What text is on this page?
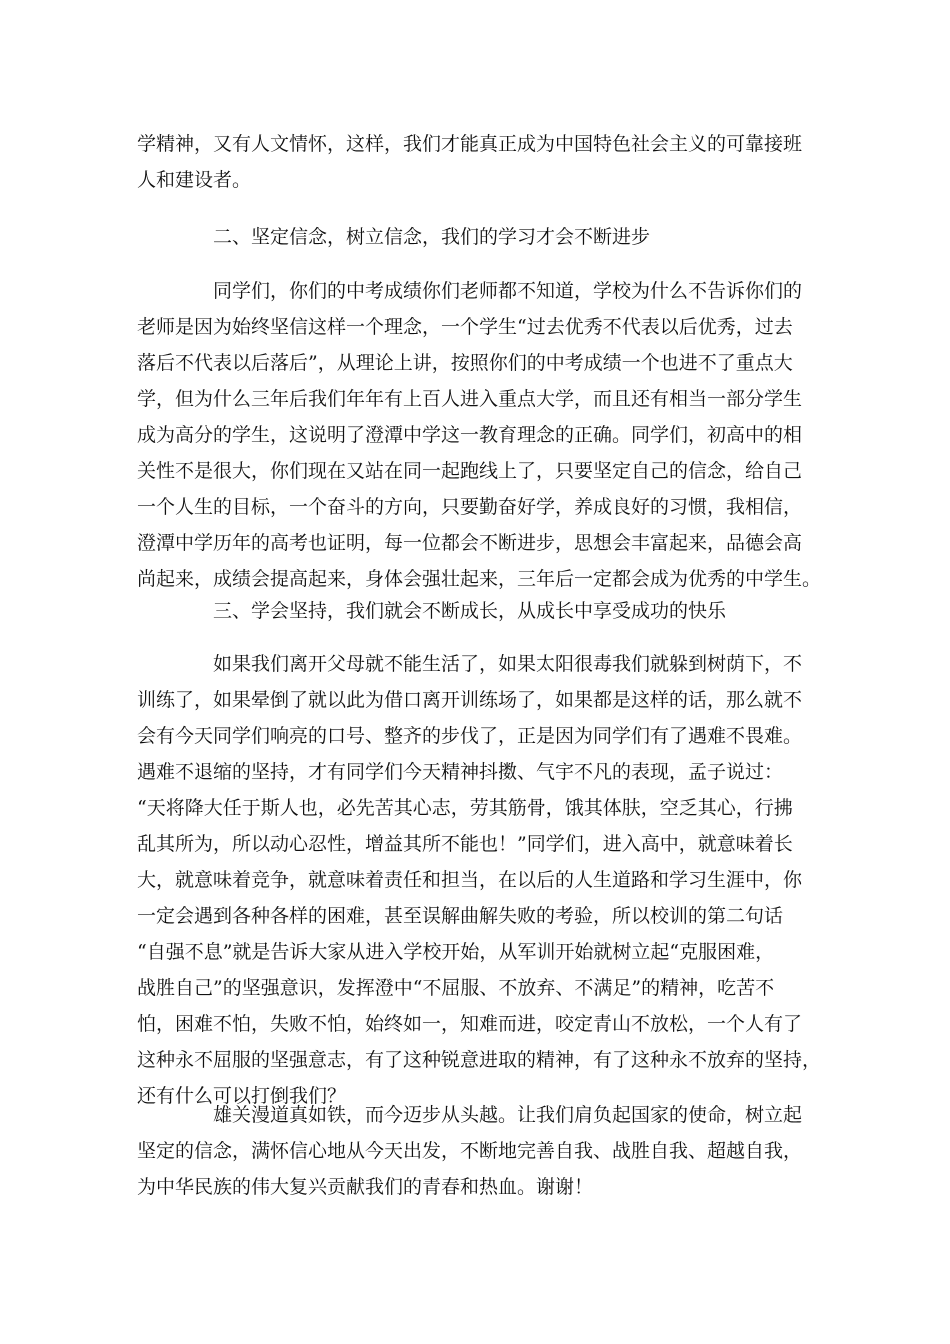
学精神，又有人文情怀，这样，我们才能真正成为中国特色社会主义的可靠接班
人和建设者。
二、坚定信念，树立信念，我们的学习才会不断进步
同学们，你们的中考成绩你们老师都不知道，学校为什么不告诉你们的
老师是因为始终坚信这样一个理念，一个学生“过去优秀不代表以后优秀，过去
落后不代表以后落后”，从理论上讲，按照你们的中考成绩一个也进不了重点大
学，但为什么三年后我们年年有上百人进入重点大学，而且还有相当一部分学生
成为高分的学生，这说明了澄潭中学这一教育理念的正确。同学们，初高中的相
关性不是很大，你们现在又站在同一起跑线上了，只要坚定自己的信念，给自己
一个人生的目标，一个奋斗的方向，只要勤奋好学，养成良好的习惯，我相信，
澄潭中学历年的高考也证明，每一位都会不断进步，思想会丰富起来，品德会高
尚起来，成绩会提高起来，身体会强壮起来，三年后一定都会成为优秀的中学生。
三、学会坚持，我们就会不断成长，从成长中享受成功的快乐
如果我们离开父母就不能生活了，如果太阳很毒我们就躲到树荫下，不
训练了，如果晕倒了就以此为借口离开训练场了，如果都是这样的话，那么就不
会有今天同学们响亮的口号、整齐的步伐了，正是因为同学们有了遇难不畏难。
遇难不退缩的坚持，才有同学们今天精神抖擞、气宇不凡的表现，孟子说过：
“天将降大任于斯人也，必先苦其心志，劳其筋骨，饿其体肤，空乏其心，行拂
乱其所为，所以动心忍性，增益其所不能也！”同学们，进入高中，就意味着长
大，就意味着竞争，就意味着责任和担当，在以后的人生道路和学习生涯中，你
一定会遇到各种各样的困难，甚至误解曲解失败的考验，所以校训的第二句话
“自强不息”就是告诉大家从进入学校开始，从军训开始就树立起“克服困难，
战胜自己”的坚强意识，发挥澄中“不屈服、不放弃、不满足”的精神，吃苦不
怕，困难不怕，失败不怕，始终如一，知难而进，咬定青山不放松，一个人有了
这种永不屈服的坚强意志，有了这种锐意进取的精神，有了这种永不放弃的坚持，
还有什么可以打倒我们？
雄关漫道真如铁，而今迈步从头越。让我们肩负起国家的使命，树立起
坚定的信念，满怀信心地从今天出发，不断地完善自我、战胜自我、超越自我，
为中华民族的伟大复兴贡献我们的青春和热血。谢谢！
